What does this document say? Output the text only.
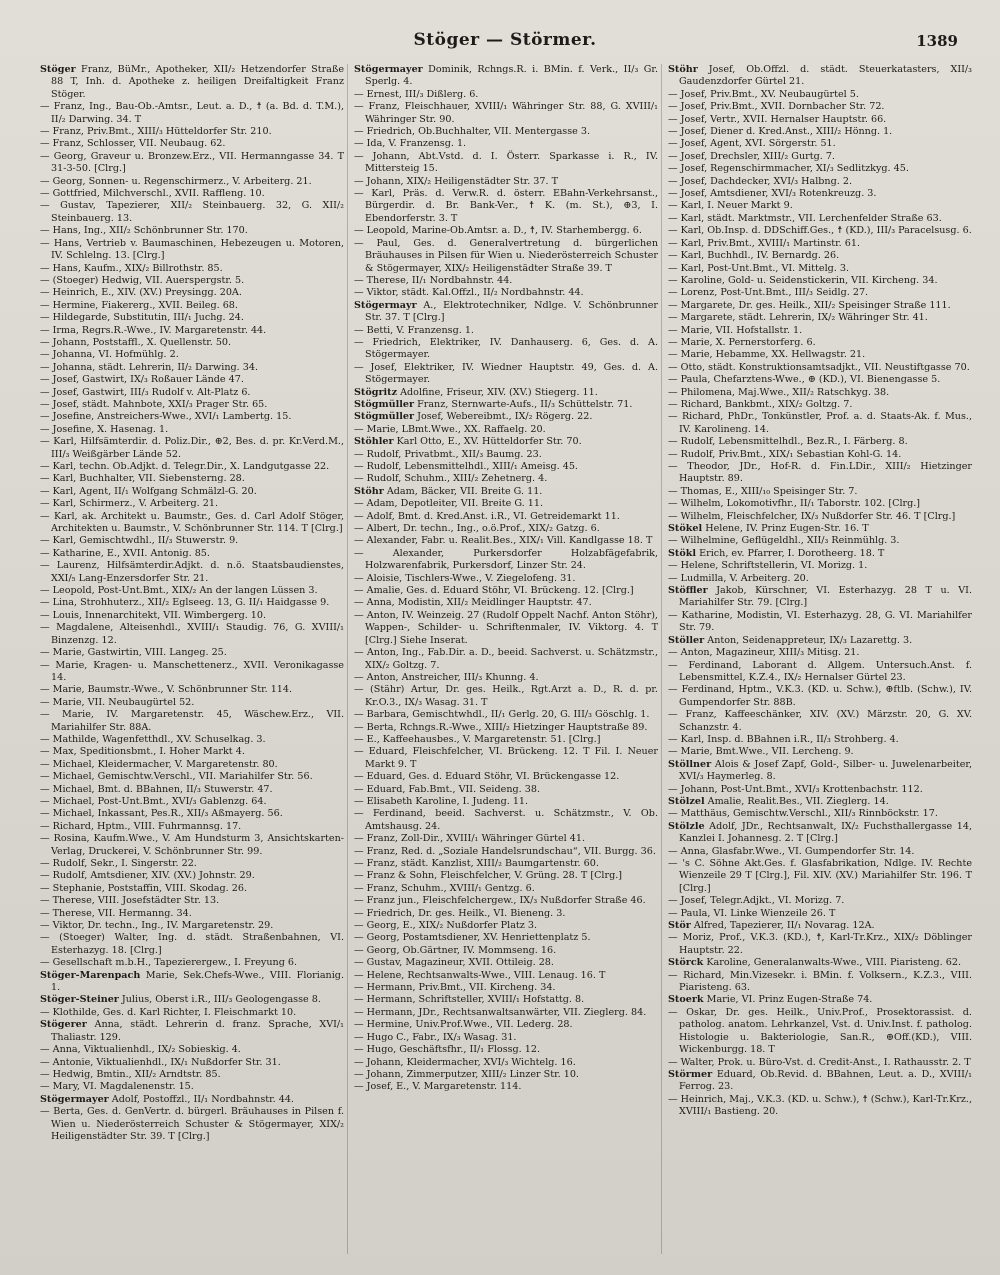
Stöger — Störmer.	1389

Stöger Franz, BüMr., Apotheker, XII/₂ Hetzendorfer Straße 88 T, Inh. d. Apotheke z. heiligen Dreifaltigkeit Franz Stöger.

— Franz, Ing., Bau-Ob.-Amtsr., Leut. a. D., ☨ (a. Bd. d. T.M.), II/₂ Darwing. 34. T

— Franz, Priv.Bmt., XIII/₃ Hütteldorfer Str. 210.

— Franz, Schlosser, VII. Neubaug. 62.

— Georg, Graveur u. Bronzew.Erz., VII. Hermanngasse 34. T 31-3-50. [Clrg.]

— Georg, Sonnen- u. Regenschirmerz., V. Arbeiterg. 21.

— Gottfried, Milchverschl., XVII. Raffleng. 10.

— Gustav, Tapezierer, XII/₂ Steinbauerg. 32, G. XII/₂ Steinbauerg. 13.

— Hans, Ing., XII/₂ Schönbrunner Str. 170.

— Hans, Vertrieb v. Baumaschinen, Hebezeugen u. Motoren, IV. Schlelng. 13. [Clrg.]

— Hans, Kaufm., XIX/₂ Billrothstr. 85.

— (Stoeger) Hedwig, VII. Auerspergstr. 5.

— Heinrich, E., XIV. (XV.) Preysingg. 20A.

— Hermine, Fiakererg., XVII. Beileg. 68.

— Hildegarde, Substitutin, III/₁ Juchg. 24.

— Irma, Regrs.R.-Wwe., IV. Margaretenstr. 44.

— Johann, Poststaffl., X. Quellenstr. 50.

— Johanna, VI. Hofmühlg. 2.

— Johanna, städt. Lehrerin, II/₂ Darwing. 34.

— Josef, Gastwirt, IX/₃ Roßauer Lände 47.

— Josef, Gastwirt, III/₃ Rudolf v. Alt-Platz 6.

— Josef, städt. Mahnbote, XXI/₃ Prager Str. 65.

— Josefine, Anstreichers-Wwe., XVI/₁ Lambertg. 15.

— Josefine, X. Hasenag. 1.

— Karl, Hilfsämterdir. d. Poliz.Dir., ⊕2, Bes. d. pr. Kr.Verd.M., III/₃ Weißgärber Lände 52.

— Karl, techn. Ob.Adjkt. d. Telegr.Dir., X. Landgutgasse 22.

— Karl, Buchhalter, VII. Siebensterng. 28.

— Karl, Agent, II/₁ Wolfgang Schmälzl-G. 20.

— Karl, Schirmerz., V. Arbeiterg. 21.

— Karl, ak. Architekt u. Baumstr., Ges. d. Carl Adolf Stöger, Architekten u. Baumstr., V. Schönbrunner Str. 114. T [Clrg.]

— Karl, Gemischtwdhl., II/₃ Stuwerstr. 9.

— Katharine, E., XVII. Antonig. 85.

— Laurenz, Hilfsämterdir.Adjkt. d. n.ö. Staatsbaudienstes, XXI/₅ Lang-Enzersdorfer Str. 21.

— Leopold, Post-Unt.Bmt., XIX/₂ An der langen Lüssen 3.

— Lina, Strohhuterz., XII/₂ Eglseeg. 13, G. II/₁ Haidgasse 9.

— Louis, Innenarchitekt, VII. Wimbergerg. 10.

— Magdalene, Alteisenhdl., XVIII/₁ Staudig. 76, G. XVIII/₁ Binzenzg. 12.

— Marie, Gastwirtin, VIII. Langeg. 25.

— Marie, Kragen- u. Manschettenerz., XVII. Veronikagasse 14.

— Marie, Baumstr.-Wwe., V. Schönbrunner Str. 114.

— Marie, VII. Neubaugürtel 52.

— Marie, IV. Margaretenstr. 45, Wäschew.Erz., VII. Mariahilfer Str. 88A.

— Mathilde, Wagenfetthdl., XV. Schuselkag. 3.

— Max, Speditionsbmt., I. Hoher Markt 4.

— Michael, Kleidermacher, V. Margaretenstr. 80.

— Michael, Gemischtw.Verschl., VII. Mariahilfer Str. 56.

— Michael, Bmt. d. BBahnen, II/₃ Stuwerstr. 47.

— Michael, Post-Unt.Bmt., XVI/₃ Gablenzg. 64.

— Michael, Inkassant, Pes.R., XII/₃ Aßmayerg. 56.

— Richard, Hptm., VIII. Fuhrmannsg. 17.

— Rosina, Kaufm.Wwe., V. Am Hundsturm 3, Ansichtskarten-Verlag, Druckerei, V. Schönbrunner Str. 99.

— Rudolf, Sekr., I. Singerstr. 22.

— Rudolf, Amtsdiener, XIV. (XV.) Johnstr. 29.

— Stephanie, Poststaffin, VIII. Skodag. 26.

— Therese, VIII. Josefstädter Str. 13.

— Therese, VII. Hermanng. 34.

— Viktor, Dr. techn., Ing., IV. Margaretenstr. 29.

— (Stoeger) Walter, Ing. d. städt. Straßenbahnen, VI. Esterhazyg. 18. [Clrg.]

— Gesellschaft m.b.H., Tapezierergew., I. Freyung 6.

Stöger-Marenpach Marie, Sek.Chefs-Wwe., VIII. Florianig. 1.

Stöger-Steiner Julius, Oberst i.R., III/₃ Geologengasse 8.

— Klothilde, Ges. d. Karl Richter, I. Fleischmarkt 10.

Stögerer Anna, städt. Lehrerin d. franz. Sprache, XVI/₁ Thaliastr. 129.

— Anna, Viktualienhdl., IX/₂ Sobieskig. 4.

— Antonie, Viktualienhdl., IX/₁ Nußdorfer Str. 31.

— Hedwig, Bmtin., XII/₂ Arndtstr. 85.

— Mary, VI. Magdalenenstr. 15.

Stögermayer Adolf, Postoffzl., II/₁ Nordbahnstr. 44.

— Berta, Ges. d. GenVertr. d. bürgerl. Bräuhauses in Pilsen f. Wien u. Niederösterreich Schuster & Stögermayer, XIX/₂ Heiligenstädter Str. 39. T [Clrg.]

Stögermayer Dominik, Rchngs.R. i. BMin. f. Verk., II/₃ Gr. Sperlg. 4.

— Ernest, III/₃ Dißlerg. 6.

— Franz, Fleischhauer, XVIII/₁ Währinger Str. 88, G. XVIII/₁ Währinger Str. 90.

— Friedrich, Ob.Buchhalter, VII. Mentergasse 3.

— Ida, V. Franzensg. 1.

— Johann, Abt.Vstd. d. I. Österr. Sparkasse i. R., IV. Mittersteig 15.

— Johann, XIX/₂ Heiligenstädter Str. 37. T

— Karl, Präs. d. Verw.R. d. österr. EBahn-Verkehrsanst., Bürgerdir. d. Br. Bank-Ver., ☨ K. (m. St.), ⊕3, I. Ebendorferstr. 3. T

— Leopold, Marine-Ob.Amtsr. a. D., ☨, IV. Starhembergg. 6.

— Paul, Ges. d. Generalvertretung d. bürgerlichen Bräuhauses in Pilsen für Wien u. Niederösterreich Schuster & Stögermayer, XIX/₂ Heiligenstädter Straße 39. T

— Therese, II/₁ Nordbahnstr. 44.

— Viktor, städt. Kal.Offzl., II/₂ Nordbahnstr. 44.

Stögermayr A., Elektrotechniker, Ndlge. V. Schönbrunner Str. 37. T [Clrg.]

— Betti, V. Franzensg. 1.

— Friedrich, Elektriker, IV. Danhauserg. 6, Ges. d. A. Stögermayer.

— Josef, Elektriker, IV. Wiedner Hauptstr. 49, Ges. d. A. Stögermayer.

Stögritz Adolfine, Friseur, XIV. (XV.) Stiegerg. 11.

Stögmüller Franz, Sternwarte-Aufs., II/₃ Schüttelstr. 71.

Stögmüller Josef, Webereibmt., IX/₂ Rögerg. 22.

— Marie, LBmt.Wwe., XX. Raffaelg. 20.

Stöhler Karl Otto, E., XV. Hütteldorfer Str. 70.

— Rudolf, Privatbmt., XII/₃ Baumg. 23.

— Rudolf, Lebensmittelhdl., XIII/₁ Ameisg. 45.

— Rudolf, Schuhm., XIII/₂ Zehetnerg. 4.

Stöhr Adam, Bäcker, VII. Breite G. 11.

— Adam, Depotleiter, VII. Breite G. 11.

— Adolf, Bmt. d. Kred.Anst. i.R., VI. Getreidemarkt 11.

— Albert, Dr. techn., Ing., o.ö.Prof., XIX/₂ Gatzg. 6.

— Alexander, Fabr. u. Realit.Bes., XIX/₁ Vill. Kandlgasse 18. T

— Alexander, Purkersdorfer Holzabfägefabrik, Holzwarenfabrik, Purkersdorf, Linzer Str. 24.

— Aloisie, Tischlers-Wwe., V. Ziegelofeng. 31.

— Amalie, Ges. d. Eduard Stöhr, VI. Brückeng. 12. [Clrg.]

— Anna, Modistin, XII/₂ Meidlinger Hauptstr. 47.

— Anton, IV. Weinzeig. 27 (Rudolf Oppelt Nachf. Anton Stöhr), Wappen-, Schilder- u. Schriftenmaler, IV. Viktorg. 4. T [Clrg.] Siehe Inserat.

— Anton, Ing., Fab.Dir. a. D., beeid. Sachverst. u. Schätzmstr., XIX/₂ Goltzg. 7.

— Anton, Anstreicher, III/₃ Khunng. 4.

— (Stähr) Artur, Dr. ges. Heilk., Rgt.Arzt a. D., R. d. pr. Kr.O.3., IX/₃ Wasag. 31. T

— Barbara, Gemischtwhdl., II/₁ Gerlg. 20, G. III/₃ Göschlg. 1.

— Berta, Rchngs.R.-Wwe., XIII/₂ Hietzinger Hauptstraße 89.

— E., Kaffeehausbes., V. Margaretenstr. 51. [Clrg.]

— Eduard, Fleischfelcher, VI. Brückeng. 12. T Fil. I. Neuer Markt 9. T

— Eduard, Ges. d. Eduard Stöhr, VI. Brückengasse 12.

— Eduard, Fab.Bmt., VII. Seideng. 38.

— Elisabeth Karoline, I. Judeng. 11.

— Ferdinand, beeid. Sachverst. u. Schätzmstr., V. Ob. Amtshausg. 24.

— Franz, Zoll-Dir., XVIII/₁ Währinger Gürtel 41.

— Franz, Red. d. „Soziale Handelsrundschau“, VII. Burgg. 36.

— Franz, städt. Kanzlist, XIII/₂ Baumgartenstr. 60.

— Franz & Sohn, Fleischfelcher, V. Grüng. 28. T [Clrg.]

— Franz, Schuhm., XVIII/₁ Gentzg. 6.

— Franz jun., Fleischfelchergew., IX/₃ Nußdorfer Straße 46.

— Friedrich, Dr. ges. Heilk., VI. Bieneng. 3.

— Georg, E., XIX/₂ Nußdorfer Platz 3.

— Georg, Postamtsdiener, XV. Henriettenplatz 5.

— Georg, Ob.Gärtner, IV. Mommseng. 16.

— Gustav, Magazineur, XVII. Ottileig. 28.

— Helene, Rechtsanwalts-Wwe., VIII. Lenaug. 16. T

— Hermann, Priv.Bmt., VII. Kircheng. 34.

— Hermann, Schriftsteller, XVIII/₁ Hofstattg. 8.

— Hermann, JDr., Rechtsanwaltsanwärter, VII. Zieglerg. 84.

— Hermine, Univ.Prof.Wwe., VII. Lederg. 28.

— Hugo C., Fabr., IX/₃ Wasag. 31.

— Hugo, Geschäftsfhr., II/₁ Flossg. 12.

— Johann, Kleidermacher, XVI/₃ Wichtelg. 16.

— Johann, Zimmerputzer, XIII/₂ Linzer Str. 10.

— Josef, E., V. Margaretenstr. 114.

Stöhr Josef, Ob.Offzl. d. städt. Steuerkatasters, XII/₃ Gaudenzdorfer Gürtel 21.

— Josef, Priv.Bmt., XV. Neubaugürtel 5.

— Josef, Priv.Bmt., XVII. Dornbacher Str. 72.

— Josef, Vertr., XVII. Hernalser Hauptstr. 66.

— Josef, Diener d. Kred.Anst., XIII/₂ Hönng. 1.

— Josef, Agent, XVI. Sörgerstr. 51.

— Josef, Drechsler, XIII/₂ Gurtg. 7.

— Josef, Regenschirmmacher, XI/₃ Sedlitzkyg. 45.

— Josef, Dachdecker, XVI/₃ Halbng. 2.

— Josef, Amtsdiener, XVI/₃ Rotenkreuzg. 3.

— Karl, I. Neuer Markt 9.

— Karl, städt. Marktmstr., VII. Lerchenfelder Straße 63.

— Karl, Ob.Insp. d. DDSchiff.Ges., ☨ (KD.), III/₃ Paracelsusg. 6.

— Karl, Priv.Bmt., XVIII/₁ Martinstr. 61.

— Karl, Buchhdl., IV. Bernardg. 26.

— Karl, Post-Unt.Bmt., VI. Mittelg. 3.

— Karoline, Gold- u. Seidenstickerin, VII. Kircheng. 34.

— Lorenz, Post-Unt.Bmt., III/₃ Seidlg. 27.

— Margarete, Dr. ges. Heilk., XII/₂ Speisinger Straße 111.

— Margarete, städt. Lehrerin, IX/₂ Währinger Str. 41.

— Marie, VII. Hofstallstr. 1.

— Marie, X. Pernerstorferg. 6.

— Marie, Hebamme, XX. Hellwagstr. 21.

— Otto, städt. Konstruktionsamtsadjkt., VII. Neustiftgasse 70.

— Paula, Chefarztens-Wwe., ⊕ (KD.), VI. Bienengasse 5.

— Philomena, Maj.Wwe., XII/₂ Ratschkyg. 38.

— Richard, Bankbmt., XIX/₂ Goltzg. 7.

— Richard, PhDr., Tonkünstler, Prof. a. d. Staats-Ak. f. Mus., IV. Karolineng. 14.

— Rudolf, Lebensmittelhdl., Bez.R., I. Färberg. 8.

— Rudolf, Priv.Bmt., XIX/₁ Sebastian Kohl-G. 14.

— Theodor, JDr., Hof-R. d. Fin.LDir., XIII/₂ Hietzinger Hauptstr. 89.

— Thomas, E., XIII/₁₀ Speisinger Str. 7.

— Wilhelm, Lokomotivfhr., II/₁ Taborstr. 102. [Clrg.]

— Wilhelm, Fleischfelcher, IX/₃ Nußdorfer Str. 46. T [Clrg.]

Stökel Helene, IV. Prinz Eugen-Str. 16. T

— Wilhelmine, Geflügeldhl., XII/₃ Reinmühlg. 3.

Stökl Erich, ev. Pfarrer, I. Dorotheerg. 18. T

— Helene, Schriftstellerin, VI. Morizg. 1.

— Ludmilla, V. Arbeiterg. 20.

Stöffler Jakob, Kürschner, VI. Esterhazyg. 28 T u. VI. Mariahilfer Str. 79. [Clrg.]

— Katharine, Modistin, VI. Esterhazyg. 28, G. VI. Mariahilfer Str. 79.

Stöller Anton, Seidenappreteur, IX/₃ Lazarettg. 3.

— Anton, Magazineur, XIII/₃ Mitisg. 21.

— Ferdinand, Laborant d. Allgem. Untersuch.Anst. f. Lebensmittel, K.Z.4., IX/₂ Hernalser Gürtel 23.

— Ferdinand, Hptm., V.K.3. (KD. u. Schw.), ⊕ftlb. (Schw.), IV. Gumpendorfer Str. 88B.

— Franz, Kaffeeschänker, XIV. (XV.) Märzstr. 20, G. XV. Schanzstr. 4.

— Karl, Insp. d. BBahnen i.R., II/₃ Strohberg. 4.

— Marie, Bmt.Wwe., VII. Lercheng. 9.

Stöllner Alois & Josef Zapf, Gold-, Silber- u. Juwelenarbeiter, XVI/₃ Haymerleg. 8.

— Johann, Post-Unt.Bmt., XVI/₃ Krottenbachstr. 112.

Stölzel Amalie, Realit.Bes., VII. Zieglerg. 14.

— Matthäus, Gemischtw.Verschl., XII/₃ Rinnböckstr. 17.

Stölzle Adolf, JDr., Rechtsanwalt, IX/₂ Fuchsthallergasse 14, Kanzlei I. Johannesg. 2. T [Clrg.]

— Anna, Glasfabr.Wwe., VI. Gumpendorfer Str. 14.

— 's C. Söhne Akt.Ges. f. Glasfabrikation, Ndlge. IV. Rechte Wienzeile 29 T [Clrg.], Fil. XIV. (XV.) Mariahilfer Str. 196. T [Clrg.]

— Josef, Telegr.Adjkt., VI. Morizg. 7.

— Paula, VI. Linke Wienzeile 26. T

Stör Alfred, Tapezierer, II/₁ Novarag. 12A.

— Moriz, Prof., V.K.3. (KD.), ☨, Karl-Tr.Krz., XIX/₂ Döblinger Hauptstr. 22.

Störck Karoline, Generalanwalts-Wwe., VIII. Piaristeng. 62.

— Richard, Min.Vizesekr. i. BMin. f. Volksern., K.Z.3., VIII. Piaristeng. 63.

Stoerk Marie, VI. Prinz Eugen-Straße 74.

— Oskar, Dr. ges. Heilk., Univ.Prof., Prosektorassist. d. patholog. anatom. Lehrkanzel, Vst. d. Univ.Inst. f. patholog. Histologie u. Bakteriologie, San.R., ⊕Off.(KD.), VIII. Wickenburgg. 18. T

— Walter, Prok. u. Büro-Vst. d. Credit-Anst., I. Rathausstr. 2. T

Störmer Eduard, Ob.Revid. d. BBahnen, Leut. a. D., XVIII/₁ Ferrog. 23.

— Heinrich, Maj., V.K.3. (KD. u. Schw.), ☨ (Schw.), Karl-Tr.Krz., XVIII/₁ Bastieng. 20.
